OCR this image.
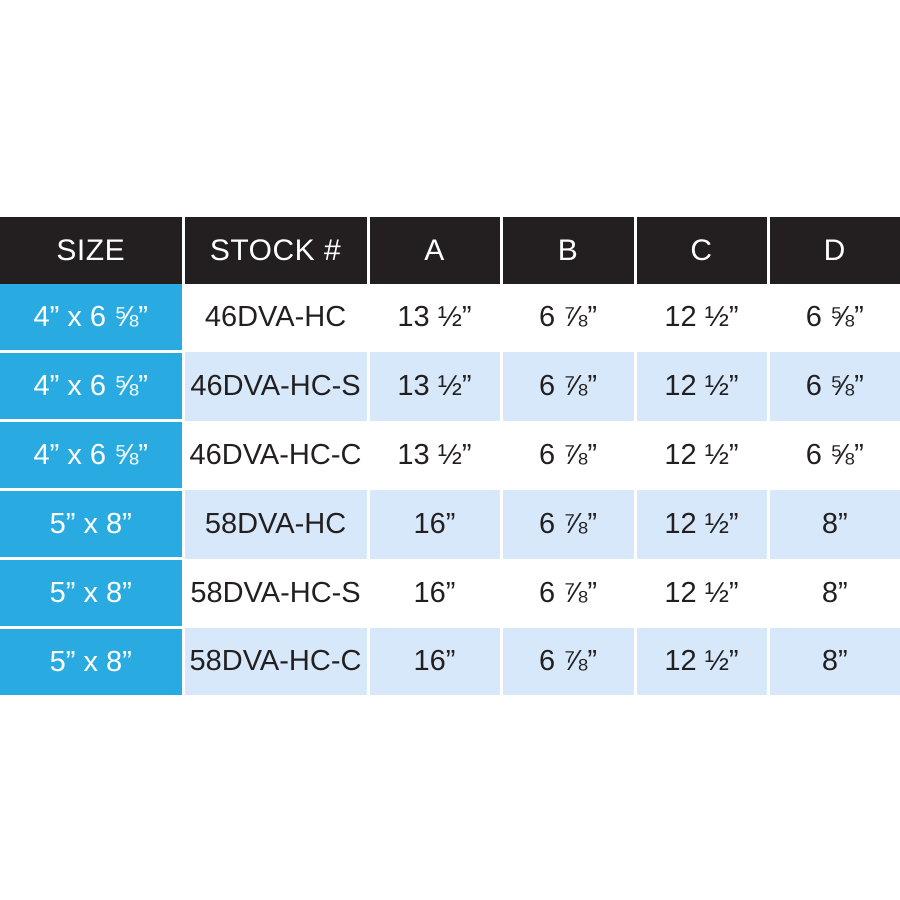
SIZE	STOCK #	A	B	C	D
4” x 6 ⅝”	46DVA-HC	13 ½”	6 ⅞”	12 ½”	6 ⅝”
4” x 6 ⅝”	46DVA-HC-S	13 ½”	6 ⅞”	12 ½”	6 ⅝”
4” x 6 ⅝”	46DVA-HC-C	13 ½”	6 ⅞”	12 ½”	6 ⅝”
5” x 8”	58DVA-HC	16”	6 ⅞”	12 ½”	8”
5” x 8”	58DVA-HC-S	16”	6 ⅞”	12 ½”	8”
5” x 8”	58DVA-HC-C	16”	6 ⅞”	12 ½”	8”
